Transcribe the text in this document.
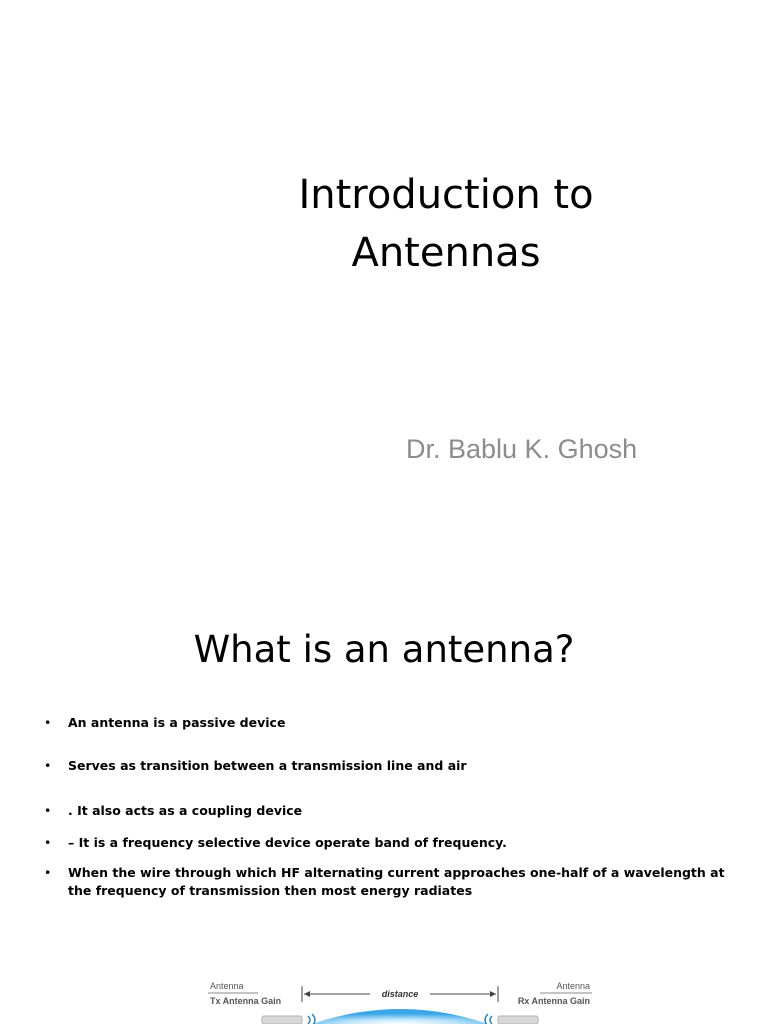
Introduction to
Antennas

Dr. Bablu K. Ghosh

What is an antenna?
•	An antenna is a passive device
•	Serves as transition between a transmission line and air
•	. It also acts as a coupling device
•	– It is a frequency selective device operate band of frequency.
•	When the wire through which HF alternating current approaches one-half of a wavelength at the frequency of transmission then most energy radiates
Antenna
Tx Antenna Gain
distance
Antenna
Rx Antenna Gain
